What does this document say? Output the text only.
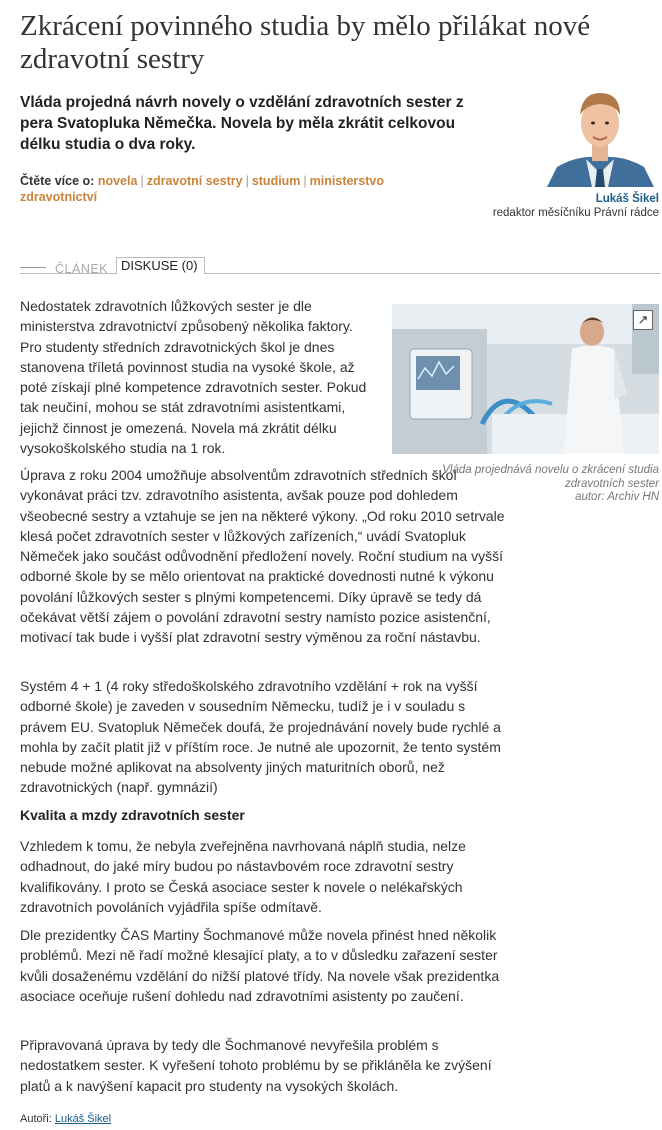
Zkrácení povinného studia by mělo přilákat nové zdravotní sestry

Vláda projedná návrh novely o vzdělání zdravotních sester z pera Svatopluka Němečka. Novela by měla zkrátit celkovou délku studia o dva roky.

Čtěte více o: novela | zdravotní sestry | studium | ministerstvo zdravotnictví	Lukáš Šikel
redaktor měsíčníku Právní rádce
ČLÁNEK DISKUSE (0)
↗
Vláda projednává novelu o zkrácení studia zdravotních sester
autor: Archiv HN

Nedostatek zdravotních lůžkových sester je dle ministerstva zdravotnictví způsobený několika faktory. Pro studenty středních zdravotnických škol je dnes stanovena tříletá povinnost studia na vysoké škole, až poté získají plné kompetence zdravotních sester. Pokud tak neučiní, mohou se stát zdravotními asistentkami, jejichž činnost je omezená. Novela má zkrátit délku vysokoškolského studia na 1 rok.

Úprava z roku 2004 umožňuje absolventům zdravotních středních škol vykonávat práci tzv. zdravotního asistenta, avšak pouze pod dohledem všeobecné sestry a vztahuje se jen na některé výkony. „Od roku 2010 setrvale klesá počet zdravotních sester v lůžkových zařízeních,“ uvádí Svatopluk Němeček jako součást odůvodnění předložení novely. Roční studium na vyšší odborné škole by se mělo orientovat na praktické dovednosti nutné k výkonu povolání lůžkových sester s plnými kompetencemi. Díky úpravě se tedy dá očekávat větší zájem o povolání zdravotní sestry namísto pozice asistenční, motivací tak bude i vyšší plat zdravotní sestry výměnou za roční nástavbu.

Systém 4 + 1 (4 roky středoškolského zdravotního vzdělání + rok na vyšší odborné škole) je zaveden v sousedním Německu, tudíž je i v souladu s právem EU. Svatopluk Němeček doufá, že projednávání novely bude rychlé a mohla by začít platit již v příštím roce. Je nutné ale upozornit, že tento systém nebude možné aplikovat na absolventy jiných maturitních oborů, než zdravotnických (např. gymnázií)

Kvalita a mzdy zdravotních sester

Vzhledem k tomu, že nebyla zveřejněna navrhovaná náplň studia, nelze odhadnout, do jaké míry budou po nástavbovém roce zdravotní sestry kvalifikovány. I proto se Česká asociace sester k novele o nelékařských zdravotních povoláních vyjádřila spíše odmítavě.

Dle prezidentky ČAS Martiny Šochmanové může novela přinést hned několik problémů. Mezi ně řadí možné klesající platy, a to v důsledku zařazení sester kvůli dosaženému vzdělání do nižší platové třídy. Na novele však prezidentka asociace oceňuje rušení dohledu nad zdravotními asistenty po zaučení.

Připravovaná úprava by tedy dle Šochmanové nevyřešila problém s nedostatkem sester. K vyřešení tohoto problému by se přikláněla ke zvýšení platů a k navýšení kapacit pro studenty na vysokých školách.

Autoři: Lukáš Šikel
